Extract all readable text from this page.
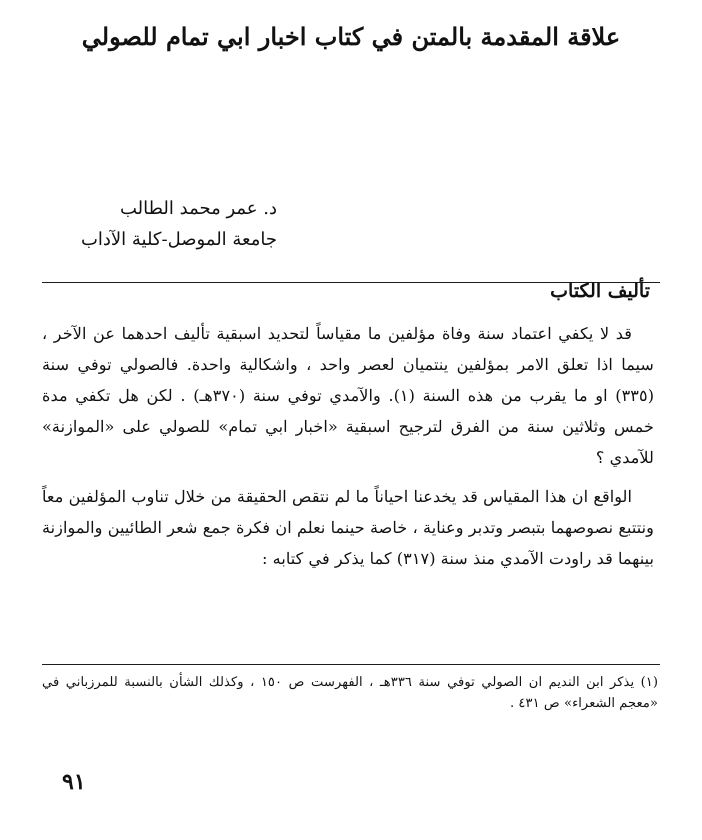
علاقة المقدمة بالمتن في كتاب اخبار ابي تمام للصولي
د. عمر محمد الطالب
جامعة الموصل-كلية الآداب
تأليف الكتاب

قد لا يكفي اعتماد سنة وفاة مؤلفين ما مقياساً لتحديد اسبقية تأليف احدهما عن الآخر ، سيما اذا تعلق الامر بمؤلفين ينتميان لعصر واحد ، واشكالية واحدة. فالصولي توفي سنة (٣٣٥) او ما يقرب من هذه السنة (١). والآمدي توفي سنة (٣٧٠هـ) . لكن هل تكفي مدة خمس وثلاثين سنة من الفرق لترجيح اسبقية «اخبار ابي تمام» للصولي على «الموازنة» للآمدي ؟

الواقع ان هذا المقياس قد يخدعنا احياناً ما لم نتقص الحقيقة من خلال تناوب المؤلفين معاً ونتتبع نصوصهما بتبصر وتدبر وعناية ، خاصة حينما نعلم ان فكرة جمع شعر الطائيين والموازنة بينهما قد راودت الآمدي منذ سنة (٣١٧) كما يذكر في كتابه :

(١) يذكر ابن النديم ان الصولي توفي سنة ٣٣٦هـ ، الفهرست ص ١٥٠ ، وكذلك الشأن بالنسبة للمرزباني في «معجم الشعراء» ص ٤٣١ .

٩١
